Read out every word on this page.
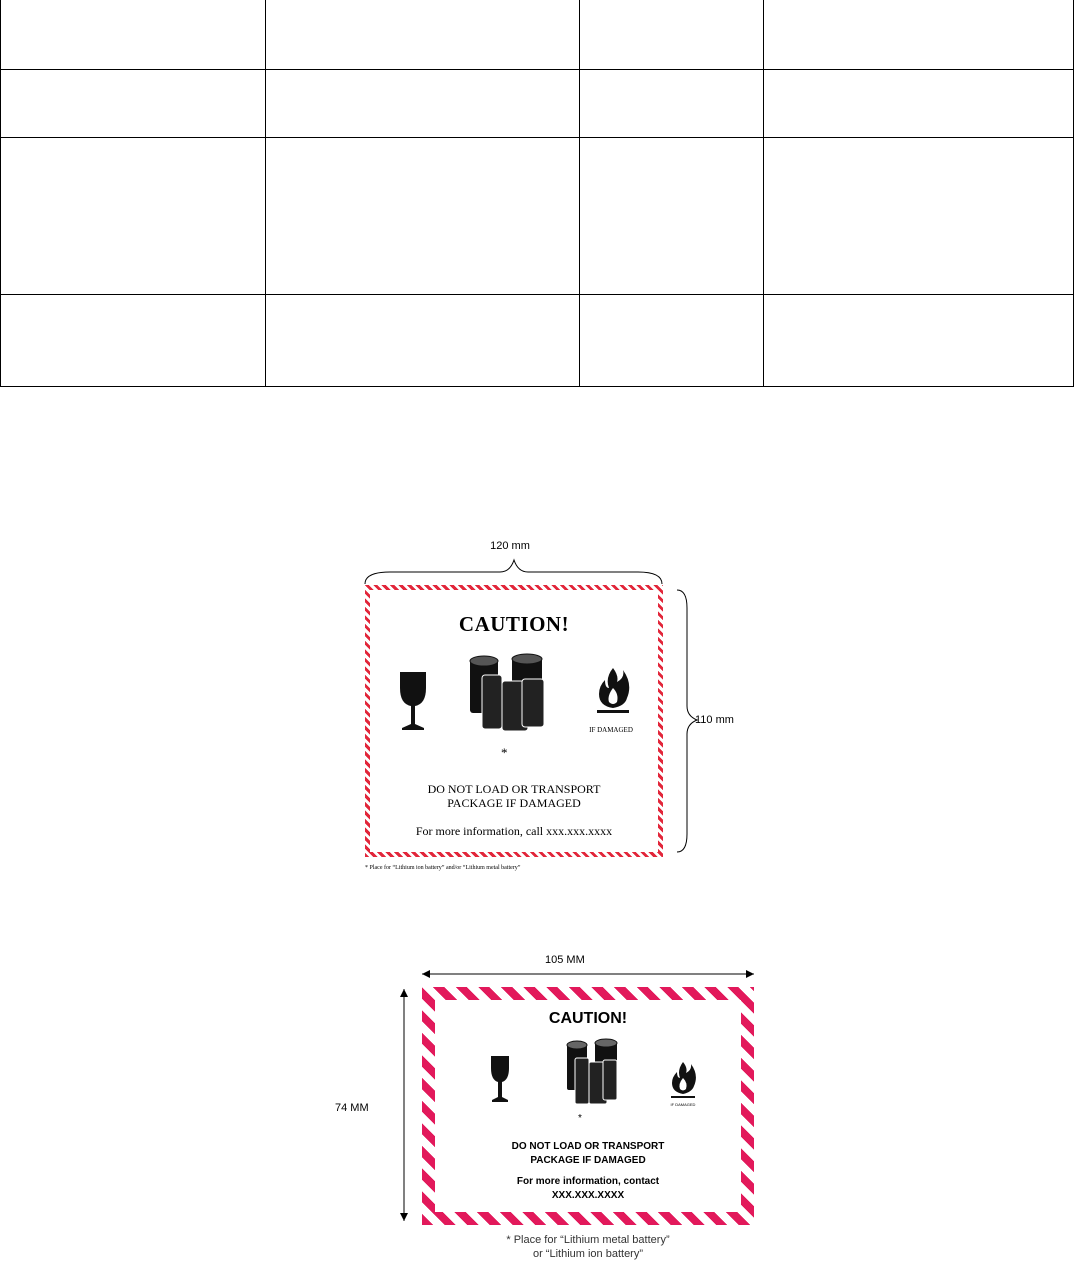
120 mm
110 mm
CAUTION!
IF DAMAGED
*
DO NOT LOAD OR TRANSPORT
PACKAGE IF DAMAGED
For more information, call xxx.xxx.xxxx
* Place for “Lithium ion battery” and/or “Lithium metal battery”
105 MM
74 MM
CAUTION!
IF DAMAGED
*
DO NOT LOAD OR TRANSPORT
PACKAGE IF DAMAGED
For more information, contact
XXX.XXX.XXXX
* Place for “Lithium metal battery”
or “Lithium ion battery”
